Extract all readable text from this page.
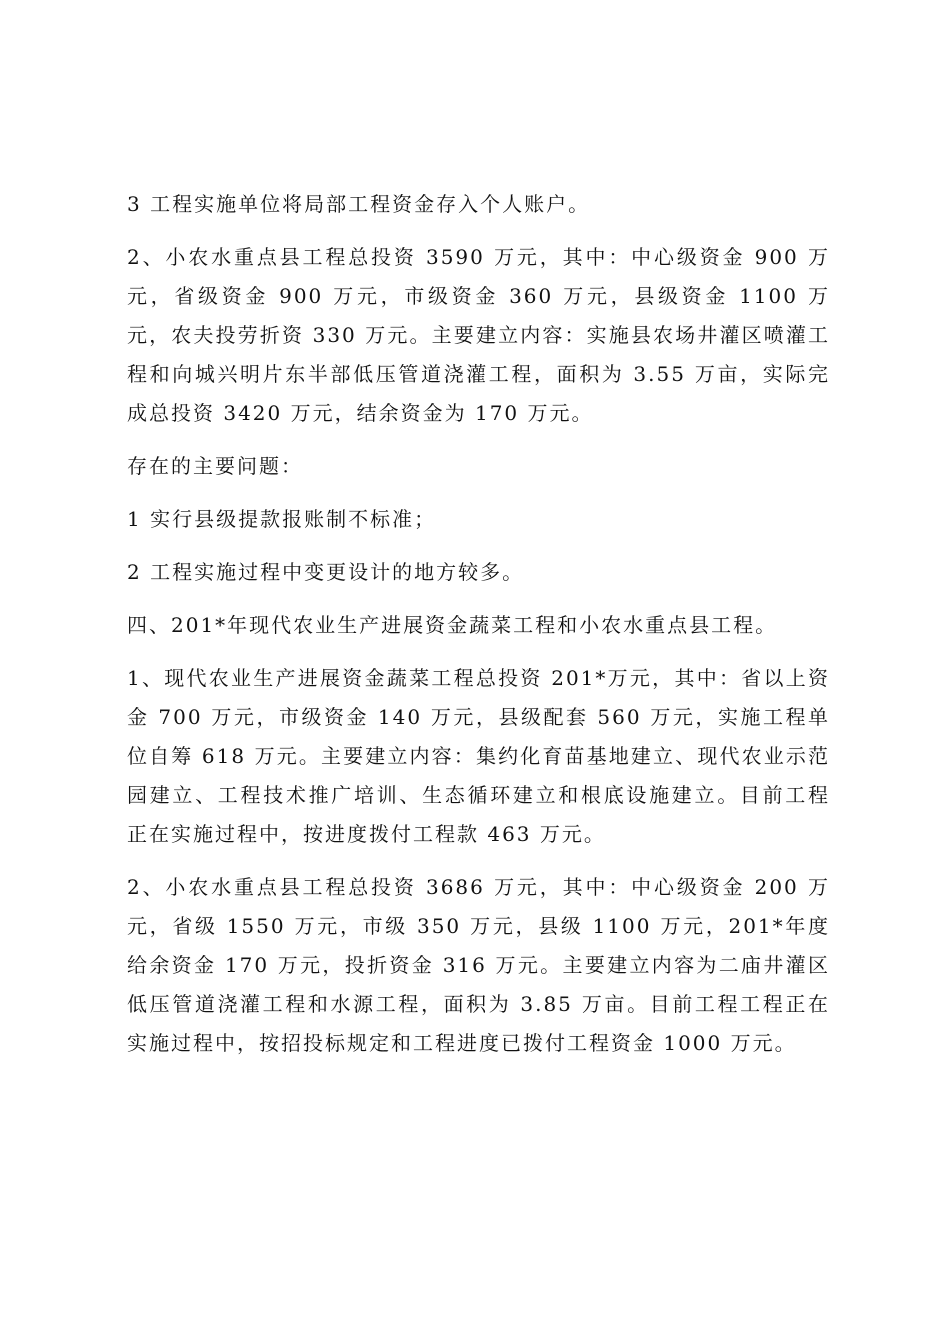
3 工程实施单位将局部工程资金存入个人账户。

2、小农水重点县工程总投资 3590 万元，其中：中心级资金 900 万元，省级资金 900 万元，市级资金 360 万元，县级资金 1100 万元，农夫投劳折资 330 万元。主要建立内容：实施县农场井灌区喷灌工程和向城兴明片东半部低压管道浇灌工程，面积为 3.55 万亩，实际完成总投资 3420 万元，结余资金为 170 万元。

存在的主要问题：

1 实行县级提款报账制不标准；

2 工程实施过程中变更设计的地方较多。

四、201*年现代农业生产进展资金蔬菜工程和小农水重点县工程。

1、现代农业生产进展资金蔬菜工程总投资 201*万元，其中：省以上资金 700 万元，市级资金 140 万元，县级配套 560 万元，实施工程单位自筹 618 万元。主要建立内容：集约化育苗基地建立、现代农业示范园建立、工程技术推广培训、生态循环建立和根底设施建立。目前工程正在实施过程中，按进度拨付工程款 463 万元。

2、小农水重点县工程总投资 3686 万元，其中：中心级资金 200 万元，省级 1550 万元，市级 350 万元，县级 1100 万元，201*年度给余资金 170 万元，投折资金 316 万元。主要建立内容为二庙井灌区低压管道浇灌工程和水源工程，面积为 3.85 万亩。目前工程工程正在实施过程中，按招投标规定和工程进度已拨付工程资金 1000 万元。
